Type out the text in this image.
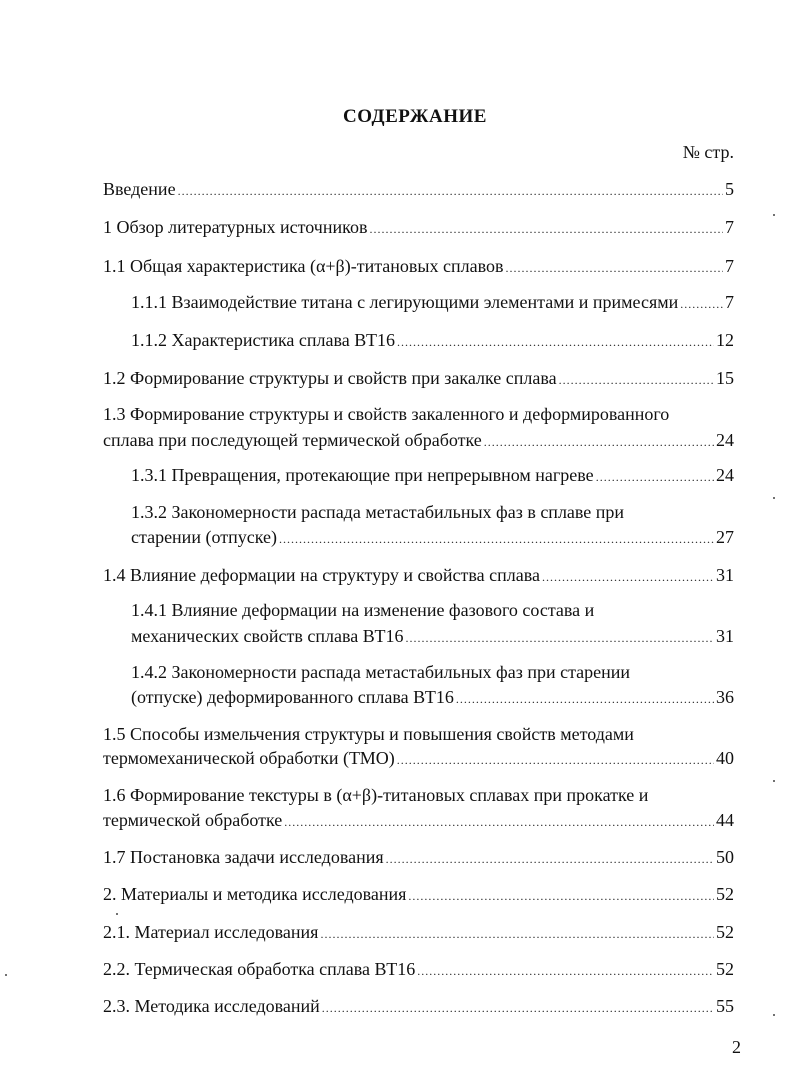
СОДЕРЖАНИЕ
№ стр.
Введение .....	5
1 Обзор литературных источников .....	7
1.1 Общая характеристика (α+β)-титановых сплавов .....	7
1.1.1 Взаимодействие титана с легирующими элементами и примесями .....	7
1.1.2 Характеристика сплава ВТ16 .....	12
1.2 Формирование структуры и свойств при закалке сплава .....	15
1.3 Формирование структуры и свойств закаленного и деформированного
сплава при последующей термической обработке .....	24
1.3.1 Превращения, протекающие при непрерывном нагреве .....	24
1.3.2 Закономерности распада метастабильных фаз в сплаве при
старении (отпуске) .....	27
1.4 Влияние деформации на структуру и свойства сплава .....	31
1.4.1 Влияние деформации на изменение фазового состава и
механических свойств сплава ВТ16 .....	31
1.4.2 Закономерности распада метастабильных фаз при старении
(отпуске) деформированного сплава ВТ16 .....	36
1.5 Способы измельчения структуры и повышения свойств методами
термомеханической обработки (ТМО) .....	40
1.6 Формирование текстуры в (α+β)-титановых сплавах при прокатке и
термической обработке .....	44
1.7 Постановка задачи исследования .....	50
2. Материалы и методика исследования .....	52
2.1. Материал исследования .....	52
2.2. Термическая обработка сплава ВТ16 .....	52
2.3. Методика исследований .....	55
2
